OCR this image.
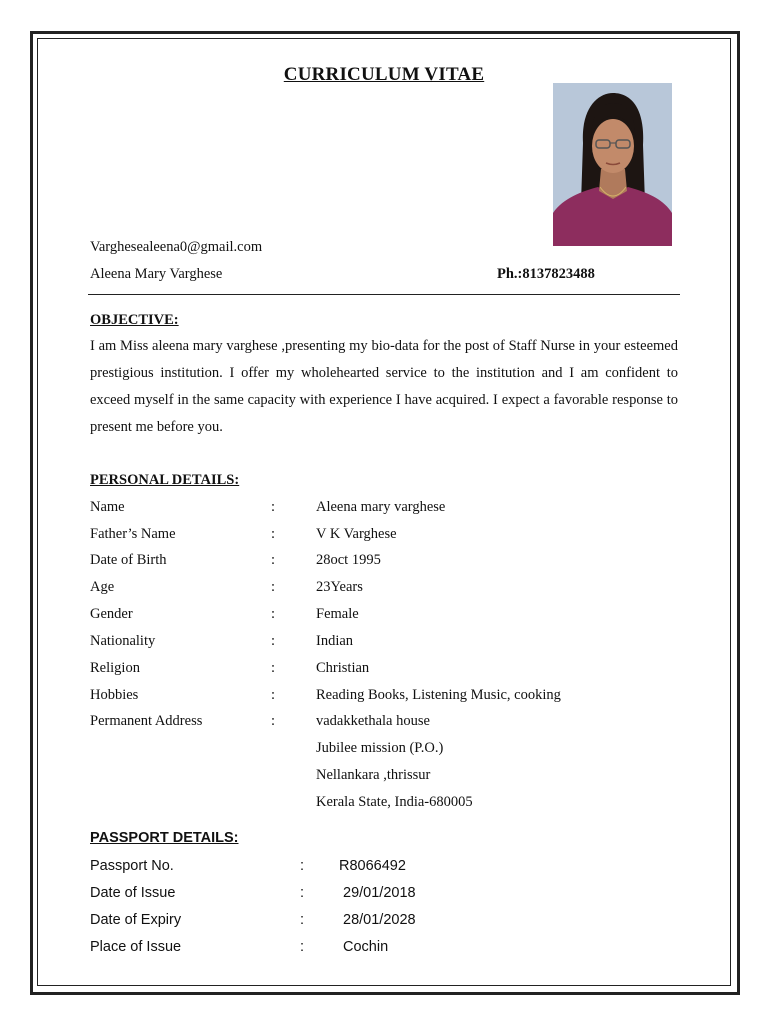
CURRICULUM VITAE
Varghesealeena0@gmail.com
Aleena Mary Varghese	Ph.:8137823488
OBJECTIVE:
I am Miss aleena mary varghese ,presenting my bio-data for the post of Staff Nurse in your esteemed prestigious institution. I offer my wholehearted service to the institution and I am confident to exceed myself in the same capacity with experience I have acquired. I expect a favorable response to present me before you.
PERSONAL DETAILS:
Name	:	Aleena mary varghese
Father’s Name	:	V K Varghese
Date of Birth	:	28oct 1995
Age	:	23Years
Gender	:	Female
Nationality	:	Indian
Religion	:	Christian
Hobbies	:	Reading Books, Listening Music, cooking
Permanent Address	:	vadakkethala house
Jubilee mission (P.O.)
Nellankara ,thrissur
Kerala State, India-680005
PASSPORT DETAILS:
Passport No.	: R8066492
Date of Issue	:	29/01/2018
Date of Expiry	:	28/01/2028
Place of Issue	:	Cochin
